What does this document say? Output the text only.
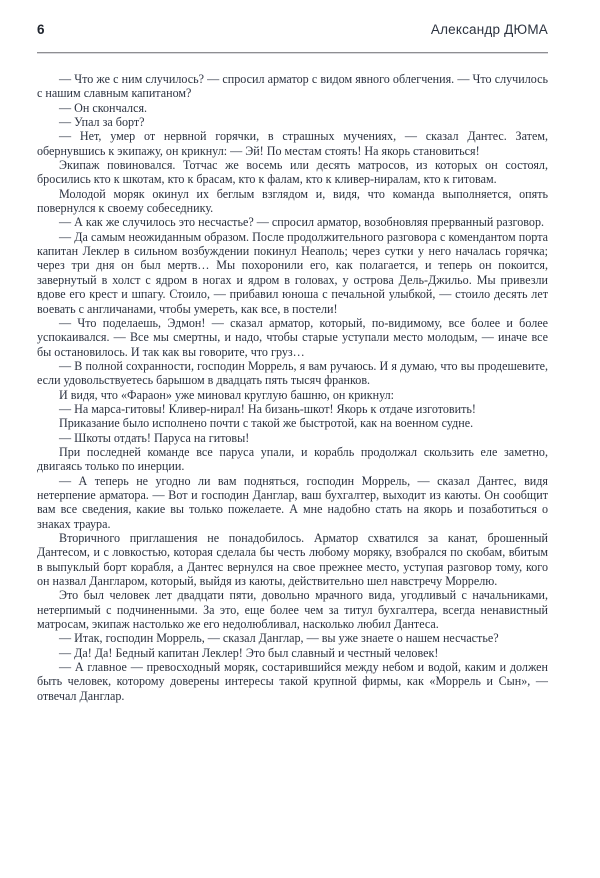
6	Александр ДЮМА

— Что же с ним случилось? — спросил арматор с видом явного облегчения. — Что случилось с нашим славным капитаном?

— Он скончался.

— Упал за борт?

— Нет, умер от нервной горячки, в страшных мучениях, — сказал Дантес. Затем, обернувшись к экипажу, он крикнул: — Эй! По местам стоять! На якорь становиться!

Экипаж повиновался. Тотчас же восемь или десять матросов, из которых он состоял, бросились кто к шкотам, кто к брасам, кто к фалам, кто к кливер-ниралам, кто к гитовам.

Молодой моряк окинул их беглым взглядом и, видя, что команда выполняется, опять повернулся к своему собеседнику.

— А как же случилось это несчастье? — спросил арматор, возобновляя прерванный разговор.

— Да самым неожиданным образом. После продолжительного разговора с комендантом порта капитан Леклер в сильном возбуждении покинул Неаполь; через сутки у него началась горячка; через три дня он был мертв… Мы похоронили его, как полагается, и теперь он покоится, завернутый в холст с ядром в ногах и ядром в головах, у острова Дель-Джильо. Мы привезли вдове его крест и шпагу. Стоило, — прибавил юноша с печальной улыбкой, — стоило десять лет воевать с англичанами, чтобы умереть, как все, в постели!

— Что поделаешь, Эдмон! — сказал арматор, который, по-видимому, все более и более успокаивался. — Все мы смертны, и надо, чтобы старые уступали место молодым, — иначе все бы остановилось. И так как вы говорите, что груз…

— В полной сохранности, господин Моррель, я вам ручаюсь. И я думаю, что вы продешевите, если удовольствуетесь барышом в двадцать пять тысяч франков.

И видя, что «Фараон» уже миновал круглую башню, он крикнул:

— На марса-гитовы! Кливер-нирал! На бизань-шкот! Якорь к отдаче изготовить!

Приказание было исполнено почти с такой же быстротой, как на военном судне.

— Шкоты отдать! Паруса на гитовы!

При последней команде все паруса упали, и корабль продолжал скользить еле заметно, двигаясь только по инерции.

— А теперь не угодно ли вам подняться, господин Моррель, — сказал Дантес, видя нетерпение арматора. — Вот и господин Данглар, ваш бухгалтер, выходит из каюты. Он сообщит вам все сведения, какие вы только пожелаете. А мне надобно стать на якорь и позаботиться о знаках траура.

Вторичного приглашения не понадобилось. Арматор схватился за канат, брошенный Дантесом, и с ловкостью, которая сделала бы честь любому моряку, взобрался по скобам, вбитым в выпуклый борт корабля, а Дантес вернулся на свое прежнее место, уступая разговор тому, кого он назвал Дангларом, который, выйдя из каюты, действительно шел навстречу Моррелю.

Это был человек лет двадцати пяти, довольно мрачного вида, угодливый с начальниками, нетерпимый с подчиненными. За это, еще более чем за титул бухгалтера, всегда ненавистный матросам, экипаж настолько же его недолюбливал, насколько любил Дантеса.

— Итак, господин Моррель, — сказал Данглар, — вы уже знаете о нашем несчастье?

— Да! Да! Бедный капитан Леклер! Это был славный и честный человек!

— А главное — превосходный моряк, состарившийся между небом и водой, каким и должен быть человек, которому доверены интересы такой крупной фирмы, как «Моррель и Сын», — отвечал Данглар.
